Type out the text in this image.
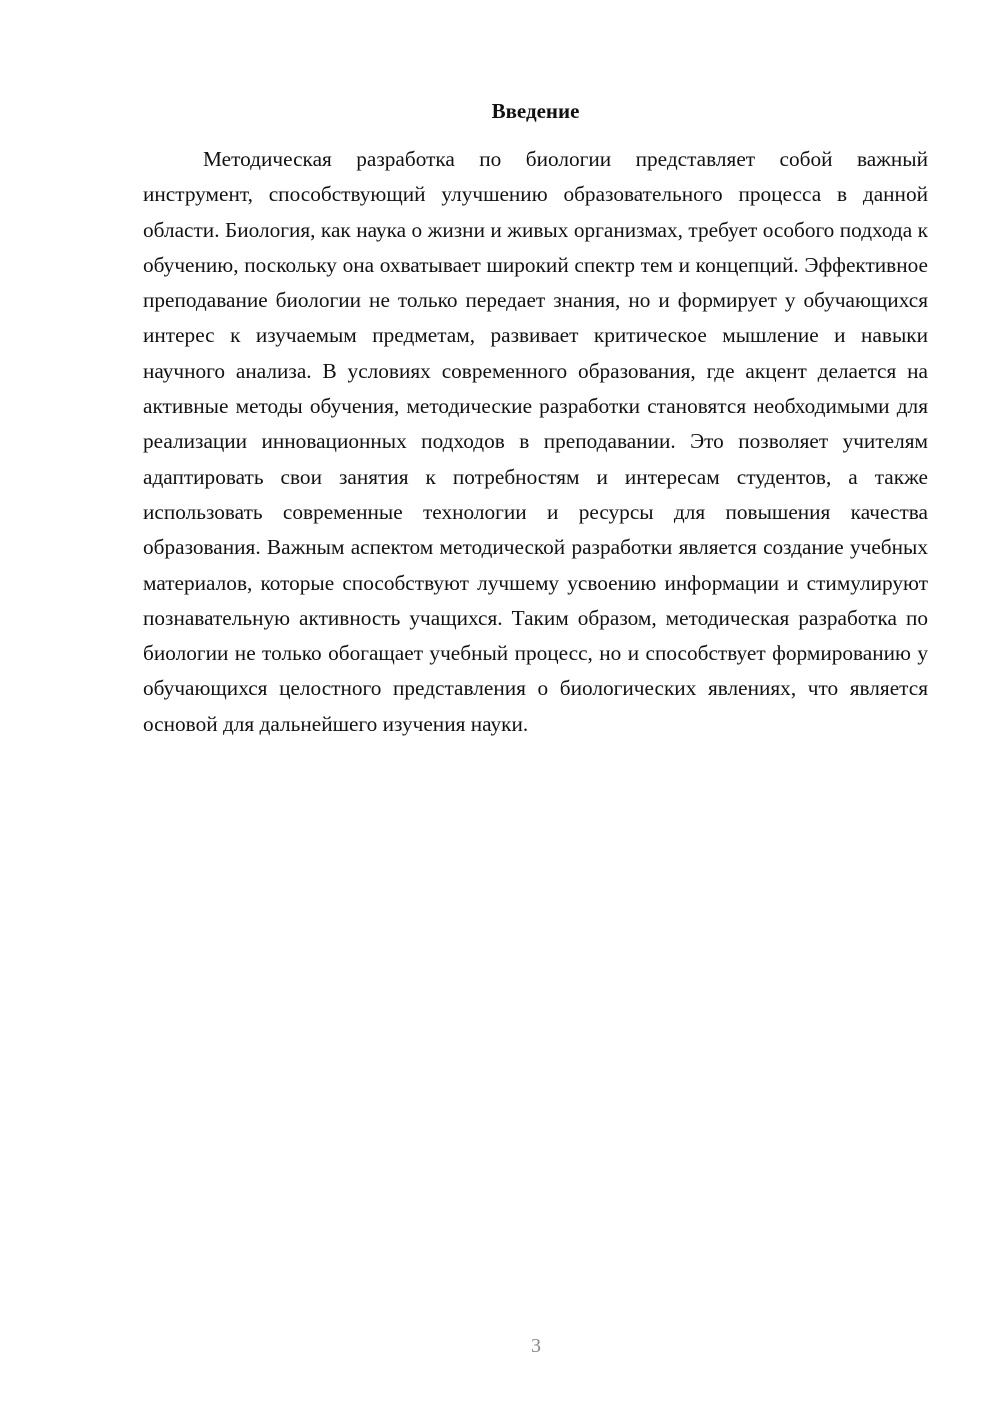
Введение

Методическая разработка по биологии представляет собой важный инструмент, способствующий улучшению образовательного процесса в данной области. Биология, как наука о жизни и живых организмах, требует особого подхода к обучению, поскольку она охватывает широкий спектр тем и концепций. Эффективное преподавание биологии не только передает знания, но и формирует у обучающихся интерес к изучаемым предметам, развивает критическое мышление и навыки научного анализа. В условиях современного образования, где акцент делается на активные методы обучения, методические разработки становятся необходимыми для реализации инновационных подходов в преподавании. Это позволяет учителям адаптировать свои занятия к потребностям и интересам студентов, а также использовать современные технологии и ресурсы для повышения качества образования. Важным аспектом методической разработки является создание учебных материалов, которые способствуют лучшему усвоению информации и стимулируют познавательную активность учащихся. Таким образом, методическая разработка по биологии не только обогащает учебный процесс, но и способствует формированию у обучающихся целостного представления о биологических явлениях, что является основой для дальнейшего изучения науки.

3
